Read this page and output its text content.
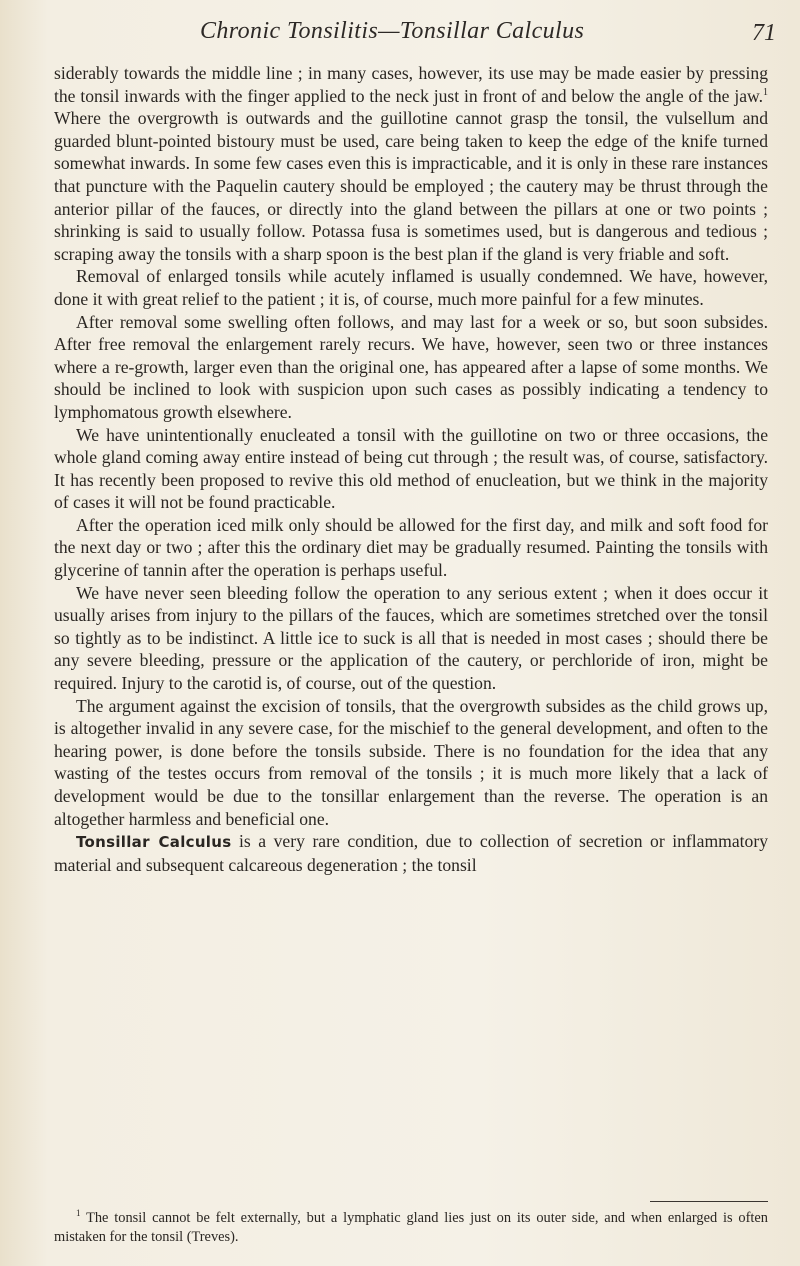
Chronic Tonsilitis—Tonsillar Calculus	71

siderably towards the middle line ; in many cases, however, its use may be made easier by pressing the tonsil inwards with the finger applied to the neck just in front of and below the angle of the jaw.$^1$ Where the overgrowth is outwards and the guillotine cannot grasp the tonsil, the vulsellum and guarded blunt-pointed bistoury must be used, care being taken to keep the edge of the knife turned somewhat inwards. In some few cases even this is impracticable, and it is only in these rare instances that puncture with the Paquelin cautery should be employed ; the cautery may be thrust through the anterior pillar of the fauces, or directly into the gland between the pillars at one or two points ; shrinking is said to usually follow. Potassa fusa is sometimes used, but is dangerous and tedious ; scraping away the tonsils with a sharp spoon is the best plan if the gland is very friable and soft.

Removal of enlarged tonsils while acutely inflamed is usually condemned. We have, however, done it with great relief to the patient ; it is, of course, much more painful for a few minutes.

After removal some swelling often follows, and may last for a week or so, but soon subsides. After free removal the enlargement rarely recurs. We have, however, seen two or three instances where a re-growth, larger even than the original one, has appeared after a lapse of some months. We should be inclined to look with suspicion upon such cases as possibly indicating a tendency to lymphomatous growth elsewhere.

We have unintentionally enucleated a tonsil with the guillotine on two or three occasions, the whole gland coming away entire instead of being cut through ; the result was, of course, satisfactory. It has recently been proposed to revive this old method of enucleation, but we think in the majority of cases it will not be found practicable.

After the operation iced milk only should be allowed for the first day, and milk and soft food for the next day or two ; after this the ordinary diet may be gradually resumed. Painting the tonsils with glycerine of tannin after the operation is perhaps useful.

We have never seen bleeding follow the operation to any serious extent ; when it does occur it usually arises from injury to the pillars of the fauces, which are sometimes stretched over the tonsil so tightly as to be indistinct. A little ice to suck is all that is needed in most cases ; should there be any severe bleeding, pressure or the application of the cautery, or perchloride of iron, might be required. Injury to the carotid is, of course, out of the question.

The argument against the excision of tonsils, that the overgrowth subsides as the child grows up, is altogether invalid in any severe case, for the mischief to the general development, and often to the hearing power, is done before the tonsils subside. There is no foundation for the idea that any wasting of the testes occurs from removal of the tonsils ; it is much more likely that a lack of development would be due to the tonsillar enlargement than the reverse. The operation is an altogether harmless and beneficial one.

Tonsillar Calculus is a very rare condition, due to collection of secretion or inflammatory material and subsequent calcareous degeneration ; the tonsil

$^1$ The tonsil cannot be felt externally, but a lymphatic gland lies just on its outer side, and when enlarged is often mistaken for the tonsil (Treves).
